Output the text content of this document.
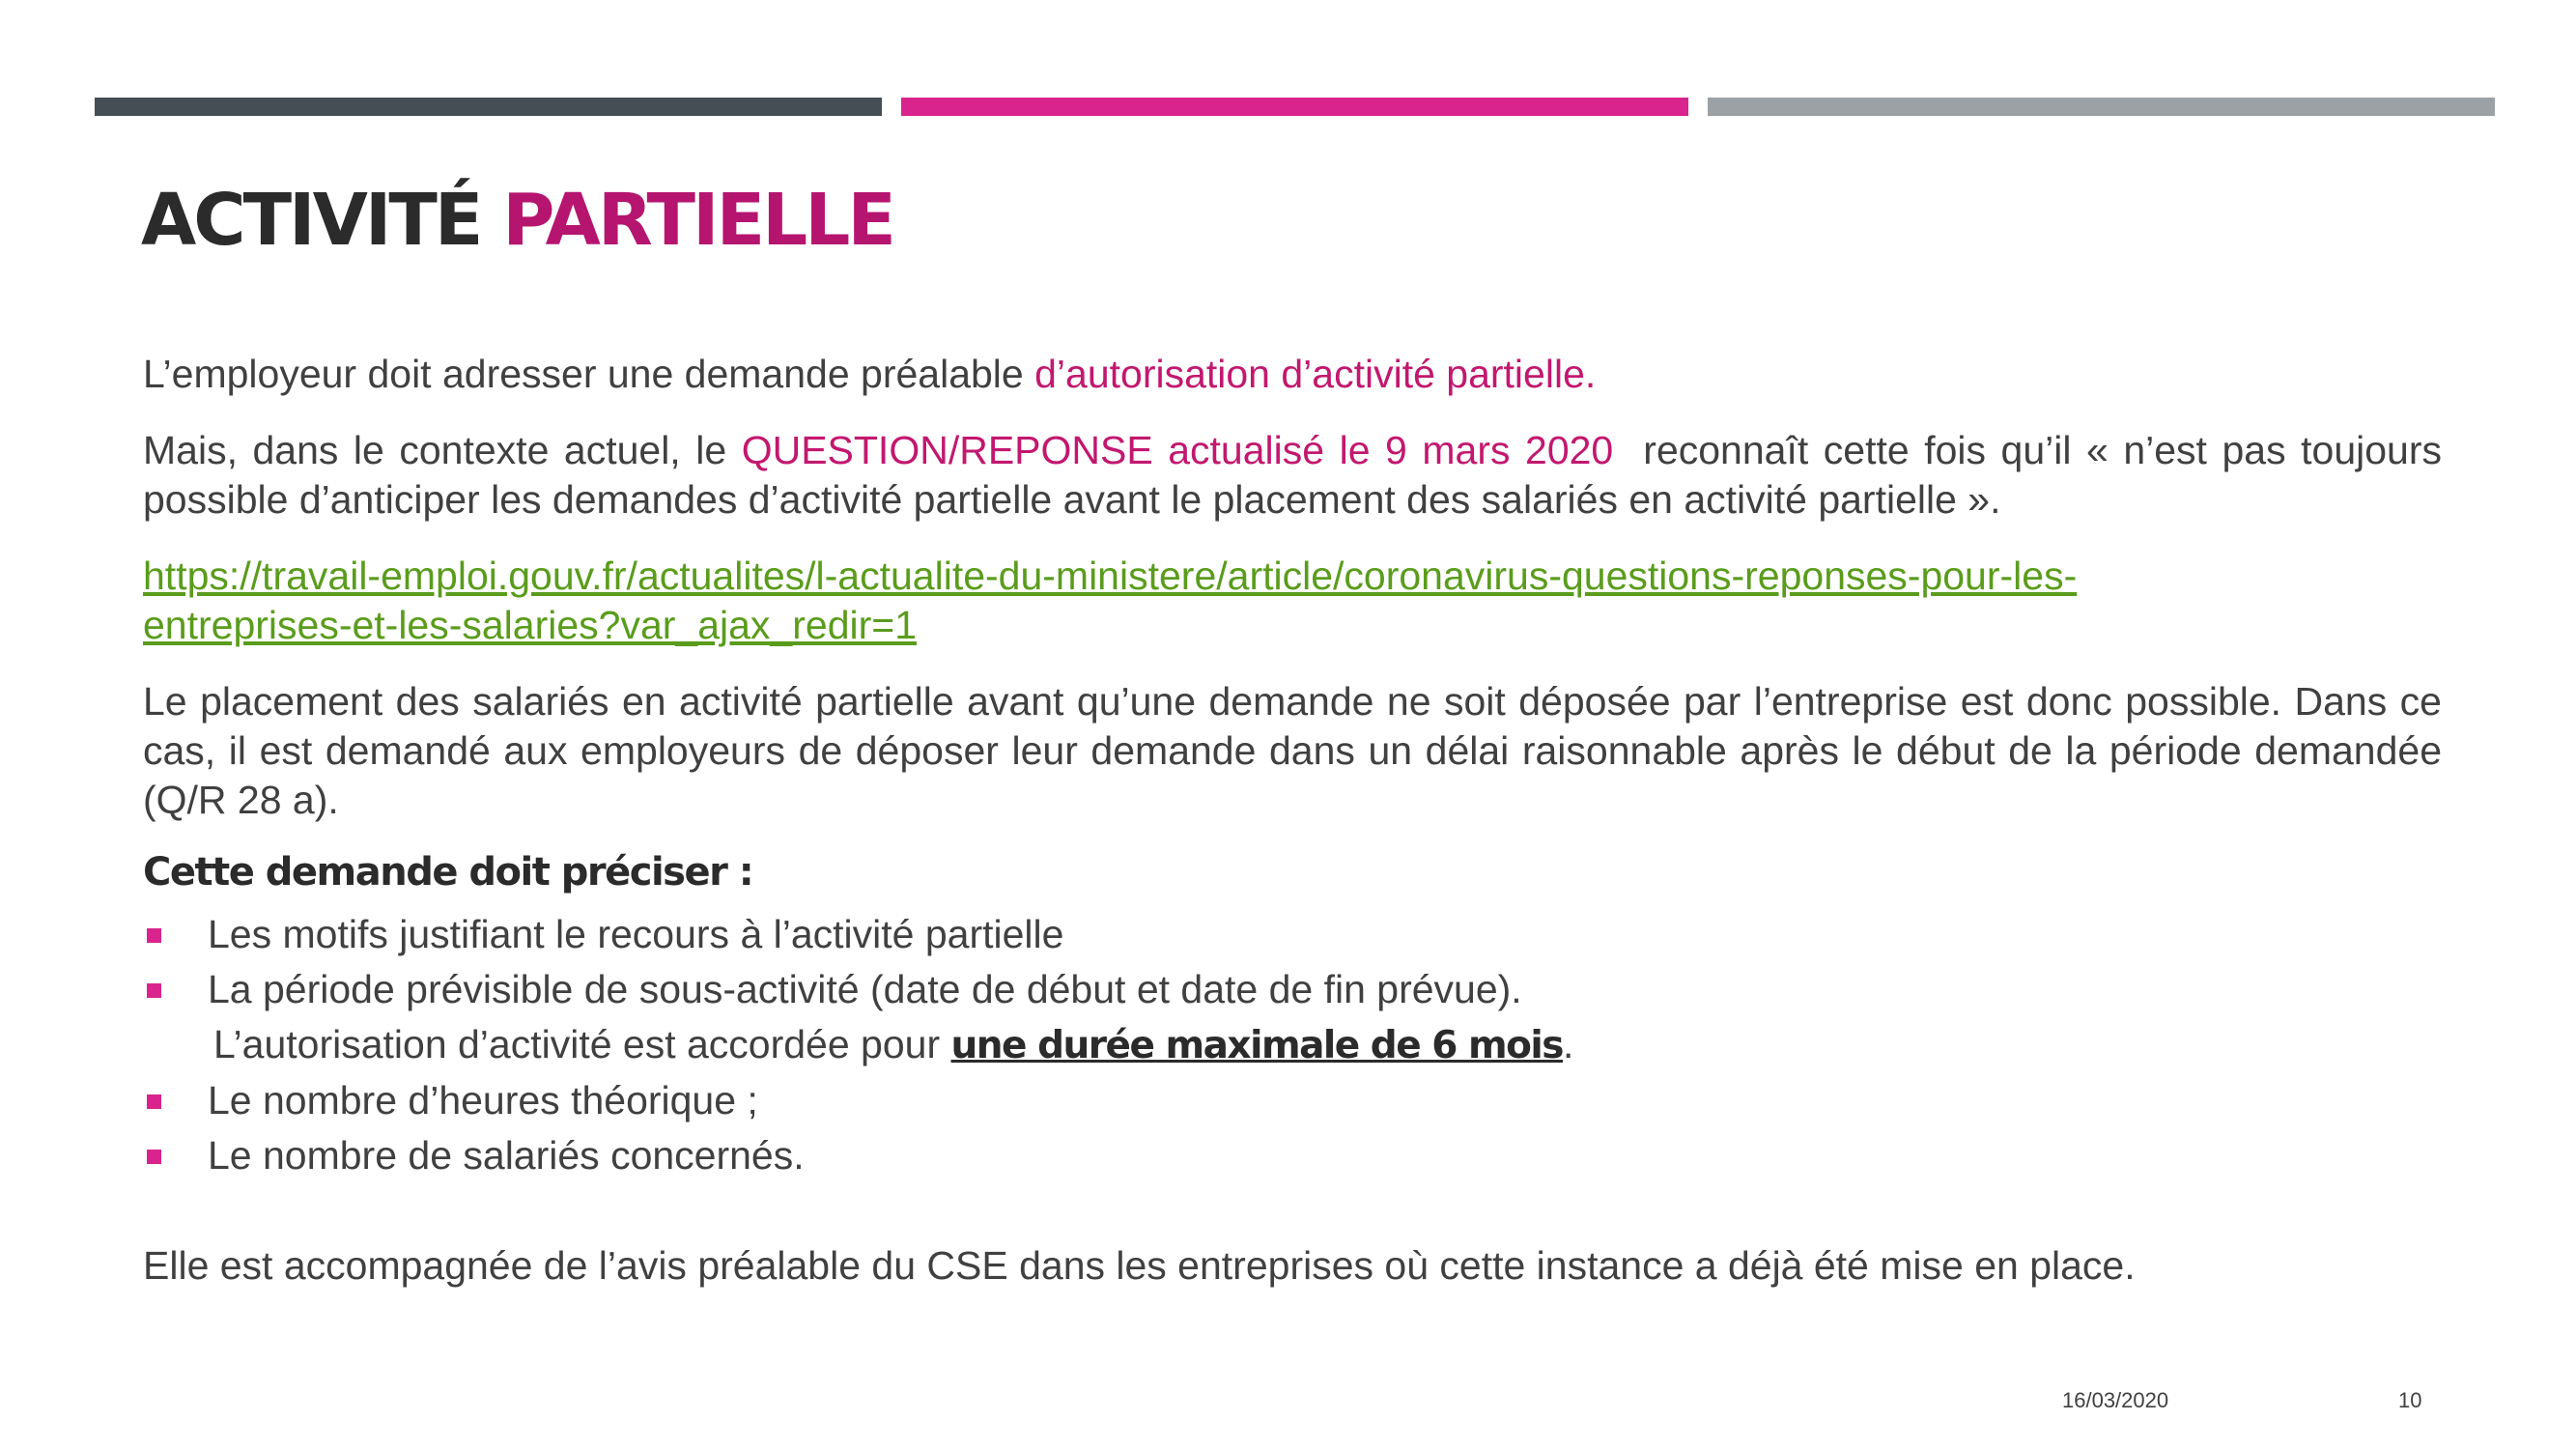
ACTIVITÉ PARTIELLE

L’employeur doit adresser une demande préalable d’autorisation d’activité partielle.

Mais, dans le contexte actuel, le QUESTION/REPONSE actualisé le 9 mars 2020  reconnaît cette fois qu’il « n’est pas toujours possible d’anticiper les demandes d’activité partielle avant le placement des salariés en activité partielle ».

https://travail-emploi.gouv.fr/actualites/l-actualite-du-ministere/article/coronavirus-questions-reponses-pour-les-
entreprises-et-les-salaries?var_ajax_redir=1

Le placement des salariés en activité partielle avant qu’une demande ne soit déposée par l’entreprise est donc possible. Dans ce cas, il est demandé aux employeurs de déposer leur demande dans un délai raisonnable après le début de la période demandée (Q/R 28 a).

Cette demande doit préciser :

Les motifs justifiant le recours à l’activité partielle
La période prévisible de sous-activité (date de début et date de fin prévue).
L’autorisation d’activité est accordée pour une durée maximale de 6 mois.
Le nombre d’heures théorique ;
Le nombre de salariés concernés.

Elle est accompagnée de l’avis préalable du CSE dans les entreprises où cette instance a déjà été mise en place.

16/03/2020	10
